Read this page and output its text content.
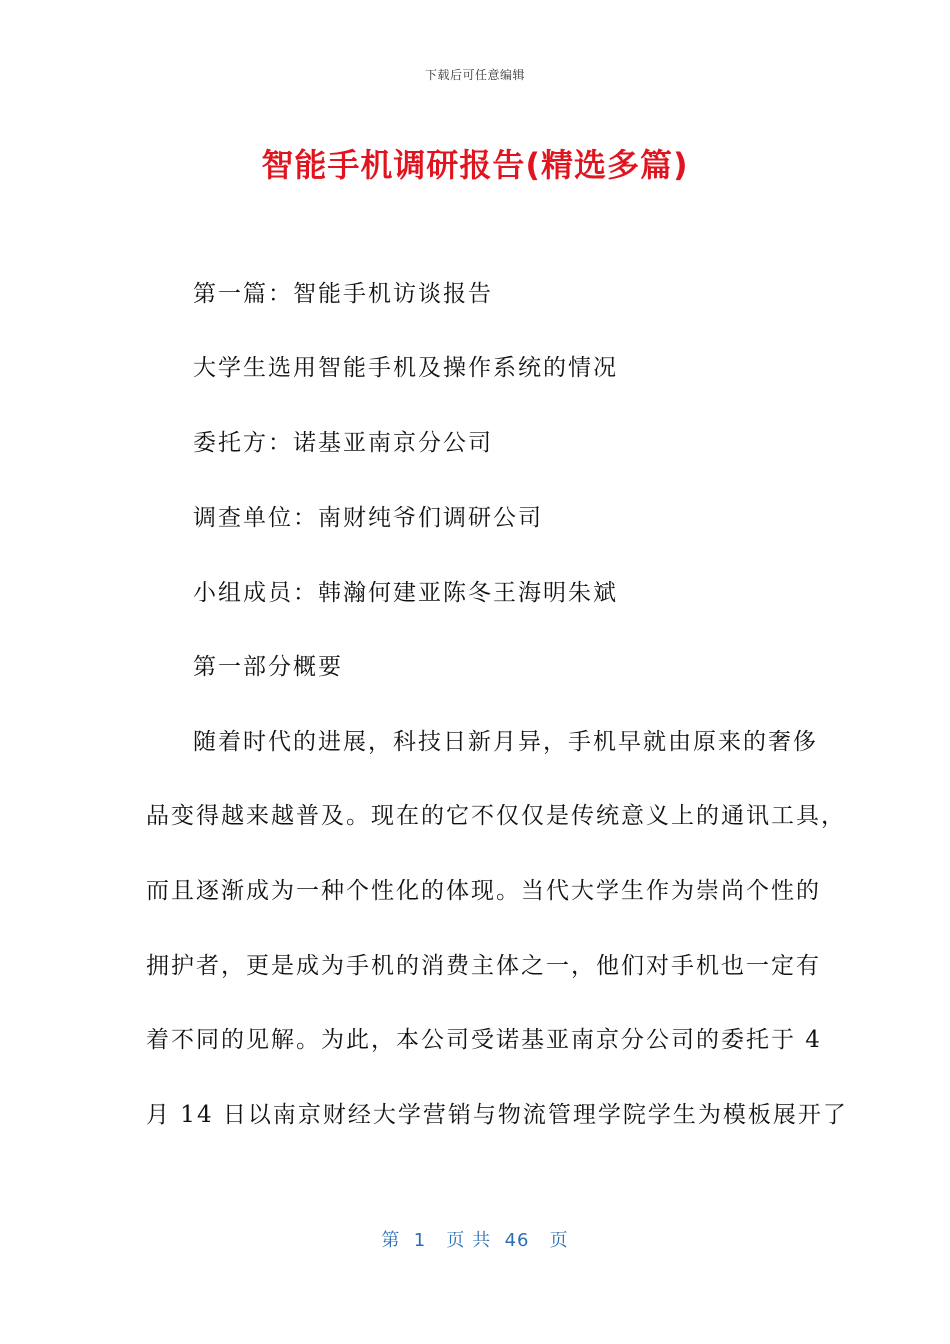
下载后可任意编辑
智能手机调研报告(精选多篇)
第一篇：智能手机访谈报告
大学生选用智能手机及操作系统的情况
委托方：诺基亚南京分公司
调查单位：南财纯爷们调研公司
小组成员：韩瀚何建亚陈冬王海明朱斌
第一部分概要
随着时代的进展，科技日新月异，手机早就由原来的奢侈
品变得越来越普及。现在的它不仅仅是传统意义上的通讯工具，
而且逐渐成为一种个性化的体现。当代大学生作为崇尚个性的
拥护者，更是成为手机的消费主体之一，他们对手机也一定有
着不同的见解。为此，本公司受诺基亚南京分公司的委托于 4
月 14 日以南京财经大学营销与物流管理学院学生为模板展开了
第  1   页 共  46   页
